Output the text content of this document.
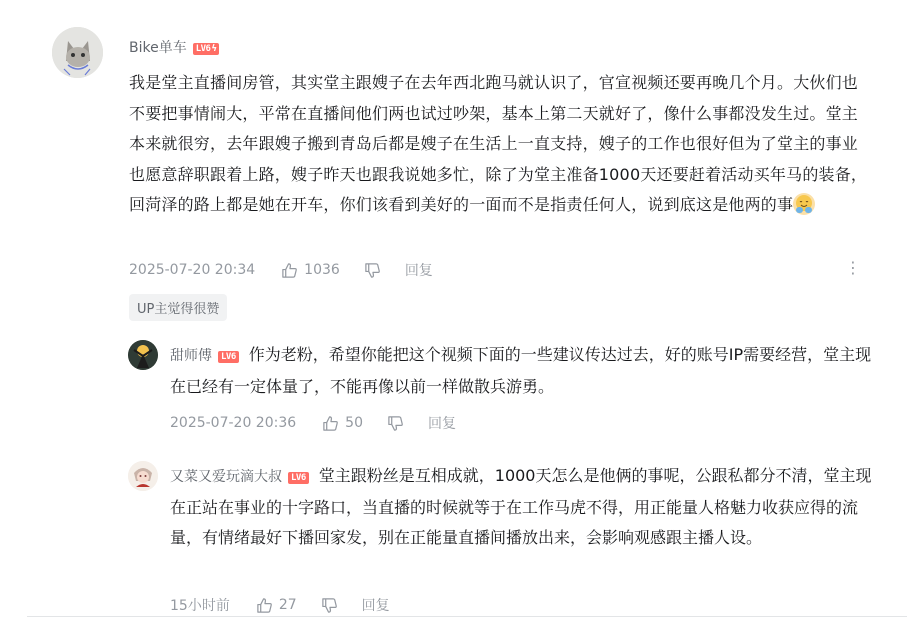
Bike单车 LV6ϟ
我是堂主直播间房管，其实堂主跟嫂子在去年西北跑马就认识了，官宣视频还要再晚几个月。大伙们也不要把事情闹大，平常在直播间他们两也试过吵架，基本上第二天就好了，像什么事都没发生过。堂主本来就很穷，去年跟嫂子搬到青岛后都是嫂子在生活上一直支持，嫂子的工作也很好但为了堂主的事业也愿意辞职跟着上路，嫂子昨天也跟我说她多忙，除了为堂主准备1000天还要赶着活动买年马的装备，回菏泽的路上都是她在开车，你们该看到美好的一面而不是指责任何人，说到底这是他两的事
2025-07-20 20:34	1036	回复	⋮
UP主觉得很赞
甜师傅 LV6 作为老粉，希望你能把这个视频下面的一些建议传达过去，好的账号IP需要经营，堂主现在已经有一定体量了，不能再像以前一样做散兵游勇。
2025-07-20 20:36	50	回复
又菜又爱玩滴大叔 LV6 堂主跟粉丝是互相成就，1000天怎么是他俩的事呢，公跟私都分不清，堂主现在正站在事业的十字路口，当直播的时候就等于在工作马虎不得，用正能量人格魅力收获应得的流量，有情绪最好下播回家发，别在正能量直播间播放出来，会影响观感跟主播人设。
15小时前	27	回复
